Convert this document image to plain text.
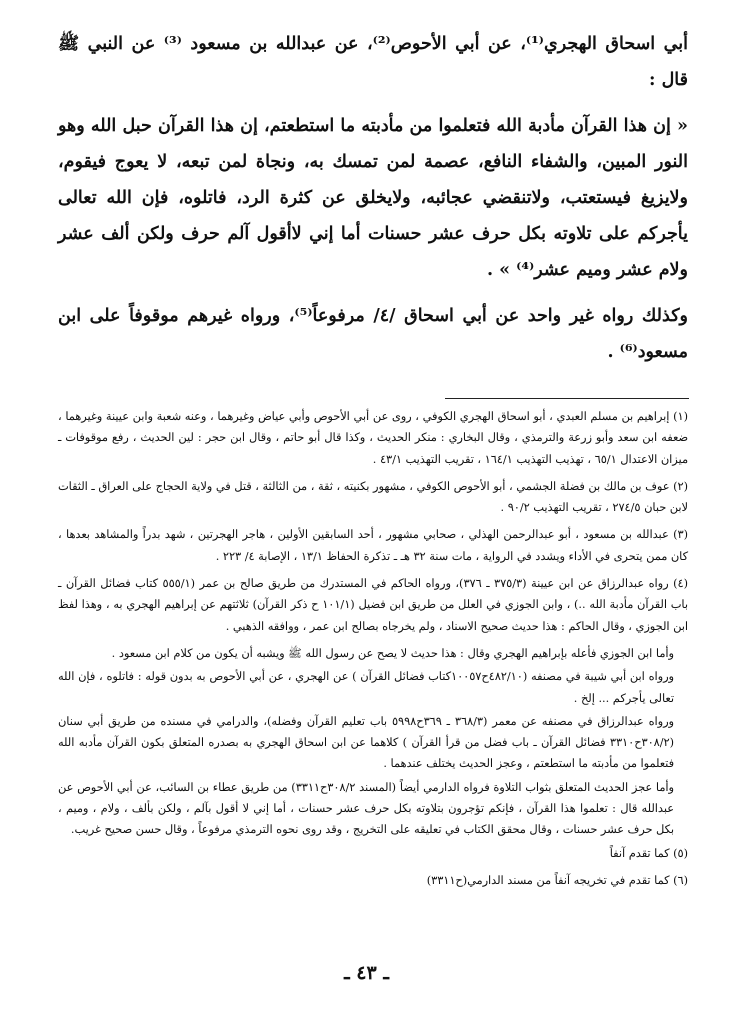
أبي اسحاق الهجري⁽¹⁾، عن أبي الأحوص⁽²⁾، عن عبدالله بن مسعود ⁽³⁾ عن النبي ﷺ قال :

« إن هذا القرآن مأدبة الله فتعلموا من مأدبته ما استطعتم، إن هذا القرآن حبل الله وهو النور المبين، والشفاء النافع، عصمة لمن تمسك به، ونجاة لمن تبعه، لا يعوج فيقوم، ولايزيغ فيستعتب، ولاتنقضي عجائبه، ولايخلق عن كثرة الرد، فاتلوه، فإن الله تعالى يأجركم على تلاوته بكل حرف عشر حسنات أما إني لاأقول آلم حرف ولكن ألف عشر ولام عشر وميم عشر⁽⁴⁾ » .

وكذلك رواه غير واحد عن أبي اسحاق /٤/ مرفوعاً⁽⁵⁾، ورواه غيرهم موقوفاً على ابن مسعود⁽⁶⁾ .

(١) إبراهيم بن مسلم العبدي ، أبو اسحاق الهجري الكوفي ، روى عن أبي الأحوص وأبي عياض وغيرهما ، وعنه شعبة وابن عيينة وغيرهما ، ضعفه ابن سعد وأبو زرعة والترمذي ، وقال البخاري : منكر الحديث ، وكذا قال أبو حاتم ، وقال ابن حجر : لين الحديث ، رفع موقوفات ـ ميزان الاعتدال ٦٥/١ ، تهذيب التهذيب ١٦٤/١ ، تقريب التهذيب ٤٣/١ .

(٢) عوف بن مالك بن فضلة الجشمي ، أبو الأحوص الكوفي ، مشهور بكنيته ، ثقة ، من الثالثة ، قتل في ولاية الحجاج على العراق ـ الثقات لابن حبان ٢٧٤/٥ ، تقريب التهذيب ٩٠/٢ .

(٣) عبدالله بن مسعود ، أبو عبدالرحمن الهذلي ، صحابي مشهور ، أحد السابقين الأولين ، هاجر الهجرتين ، شهد بدراً والمشاهد بعدها ، كان ممن يتحرى في الأداء ويشدد في الرواية ، مات سنة ٣٢ هـ ـ تذكرة الحفاظ ١٣/١ ، الإصابة ٤/ ٢٢٣ .

(٤) رواه عبدالرزاق عن ابن عيينة (٣٧٥/٣ ـ ٣٧٦)، ورواه الحاكم في المستدرك من طريق صالح بن عمر (٥٥٥/١ كتاب فضائل القرآن ـ باب القرآن مأدبة الله ..) ، وابن الجوزي في العلل من طريق ابن فضيل (١٠١/١ ح ذكر القرآن) ثلاثتهم عن إبراهيم الهجري به ، وهذا لفظ ابن الجوزي ، وقال الحاكم : هذا حديث صحيح الاسناد ، ولم يخرجاه بصالح ابن عمر ، ووافقه الذهبي .

وأما ابن الجوزي فأعله بإبراهيم الهجري وقال : هذا حديث لا يصح عن رسول الله ﷺ ويشبه أن يكون من كلام ابن مسعود .

ورواه ابن أبي شيبة في مصنفه (٤٨٢/١٠ح١٠٠٥٧كتاب فضائل القرآن ) عن الهجري ، عن أبي الأحوص به بدون قوله : فاتلوه ، فإن الله تعالى يأجركم ... إلخ .

ورواه عبدالرزاق في مصنفه عن معمر (٣٦٨/٣ ـ ٣٦٩ح٥٩٩٨ باب تعليم القرآن وفضله)، والدرامي في مسنده من طريق أبي سنان (٣٠٨/٢ح٣٣١٠ فضائل القرآن ـ باب فضل من قرأ القرآن ) كلاهما عن ابن اسحاق الهجري به بصدره المتعلق بكون القرآن مأدبه الله فتعلموا من مأدبته ما استطعتم ، وعجز الحديث يختلف عندهما .

وأما عجز الحديث المتعلق بثواب التلاوة فرواه الدارمي أيضاً (المسند ٣٠٨/٢ح٣٣١١) من طريق عطاء بن السائب، عن أبي الأحوص عن عبدالله قال : تعلموا هذا القرآن ، فإنكم تؤجرون بتلاوته بكل حرف عشر حسنات ، أما إني لا أقول بآلم ، ولكن بألف ، ولام ، وميم ، بكل حرف عشر حسنات ، وقال محقق الكتاب في تعليقه على التخريج ، وقد روى نحوه الترمذي مرفوعاً ، وقال حسن صحيح غريب.

(٥) كما تقدم آنفاً

(٦) كما تقدم في تخريجه آنفاً من مسند الدارمي(ح٣٣١١)

ـ ٤٣ ـ
